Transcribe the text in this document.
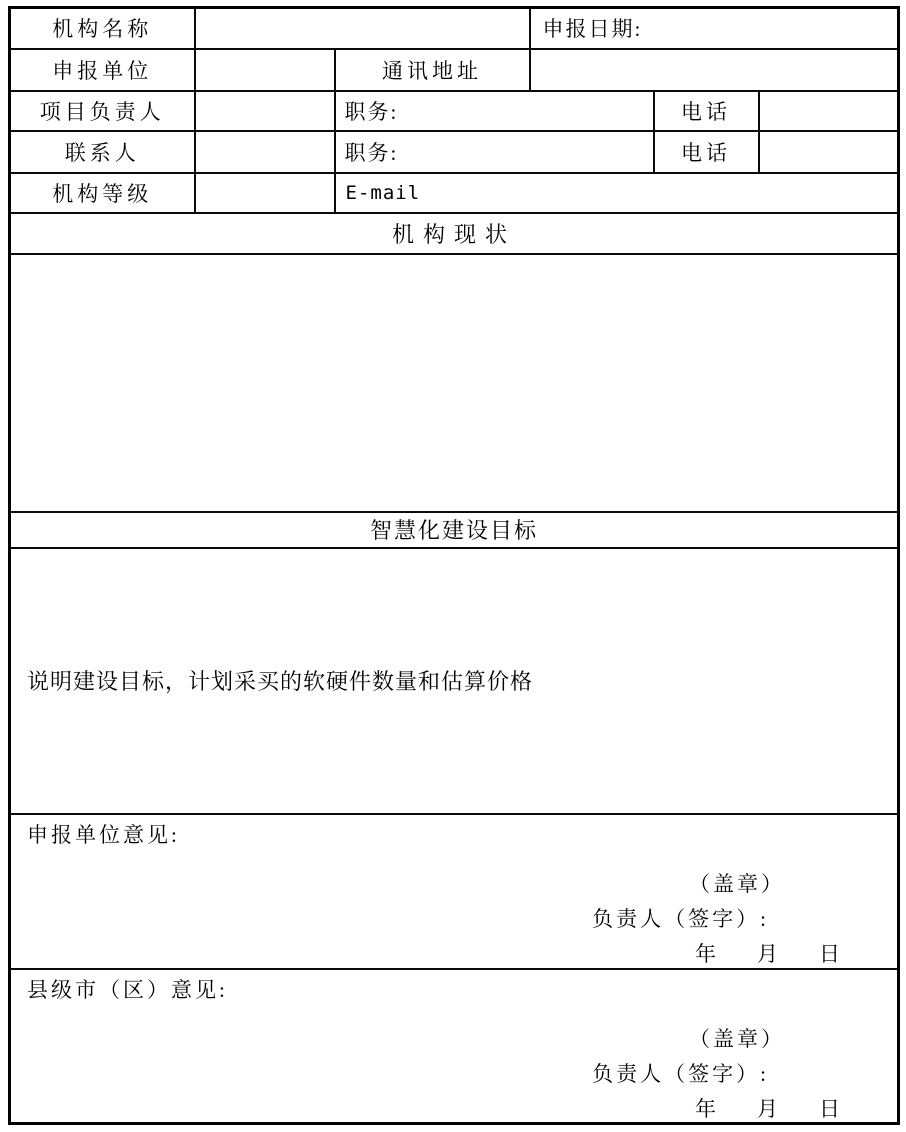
机构名称			申报日期:		
申报单位		通讯地址			
项目负责人		职务:		电话	
联系人		职务:		电话	
机构等级		E-mail			
机构现状					

智慧化建设目标					
说明建设目标，计划采买的软硬件数量和估算价格					

申报单位意见:
（盖章）
负责人（签字）:
年 月 日

县级市（区）意见:
（盖章）
负责人（签字）:
年 月 日
